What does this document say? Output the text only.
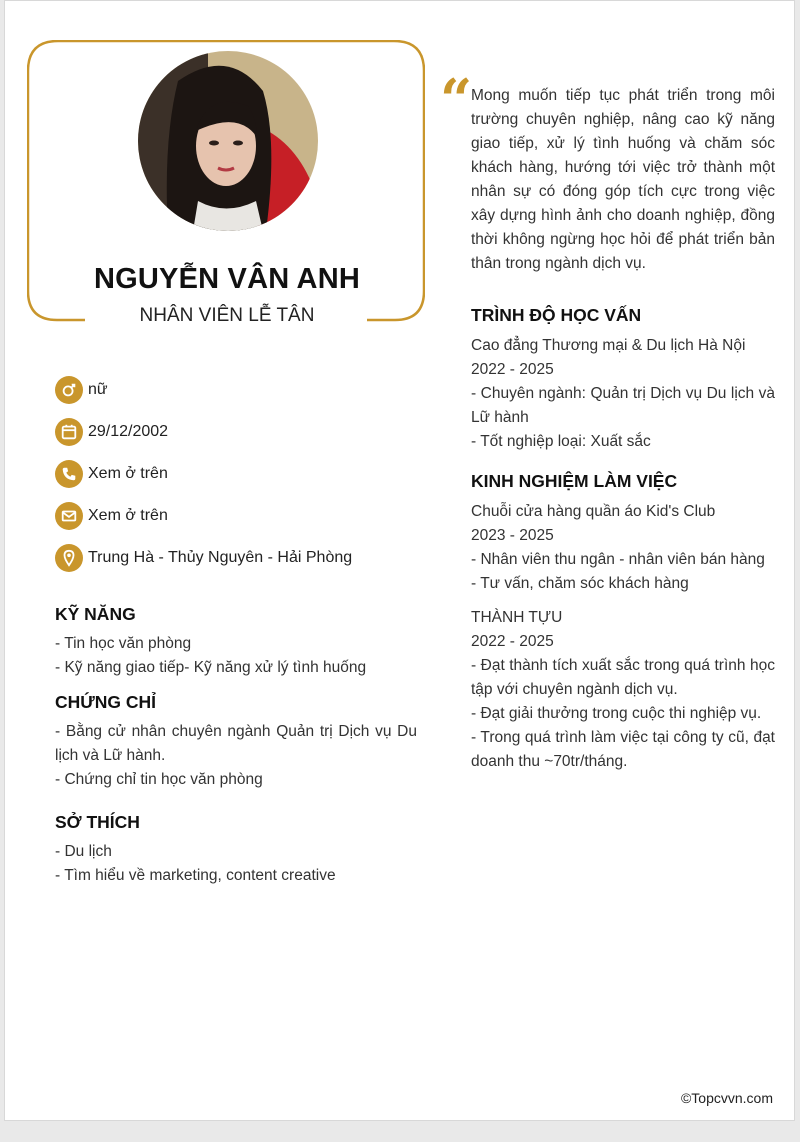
NGUYỄN VÂN ANH
NHÂN VIÊN LỄ TÂN
nữ
29/12/2002
Xem ở trên
Xem ở trên
Trung Hà - Thủy Nguyên - Hải Phòng
KỸ NĂNG

- Tin học văn phòng

- Kỹ năng giao tiếp- Kỹ năng xử lý tình huống

CHỨNG CHỈ

- Bằng cử nhân chuyên ngành Quản trị Dịch vụ Du lịch và Lữ hành.

- Chứng chỉ tin học văn phòng

SỞ THÍCH

- Du lịch

- Tìm hiểu về marketing, content creative

“
Mong muốn tiếp tục phát triển trong môi trường chuyên nghiệp, nâng cao kỹ năng giao tiếp, xử lý tình huống và chăm sóc khách hàng, hướng tới việc trở thành một nhân sự có đóng góp tích cực trong việc xây dựng hình ảnh cho doanh nghiệp, đồng thời không ngừng học hỏi để phát triển bản thân trong ngành dịch vụ.
TRÌNH ĐỘ HỌC VẤN

Cao đẳng Thương mại & Du lịch Hà Nội

2022 - 2025

- Chuyên ngành: Quản trị Dịch vụ Du lịch và Lữ hành

- Tốt nghiệp loại: Xuất sắc

KINH NGHIỆM LÀM VIỆC

Chuỗi cửa hàng quần áo Kid's Club

2023 - 2025

- Nhân viên thu ngân - nhân viên bán hàng

- Tư vấn, chăm sóc khách hàng

THÀNH TỰU

2022 - 2025

- Đạt thành tích xuất sắc trong quá trình học tập với chuyên ngành dịch vụ.

- Đạt giải thưởng trong cuộc thi nghiệp vụ.

- Trong quá trình làm việc tại công ty cũ, đạt doanh thu ~70tr/tháng.

©Topcvvn.com
